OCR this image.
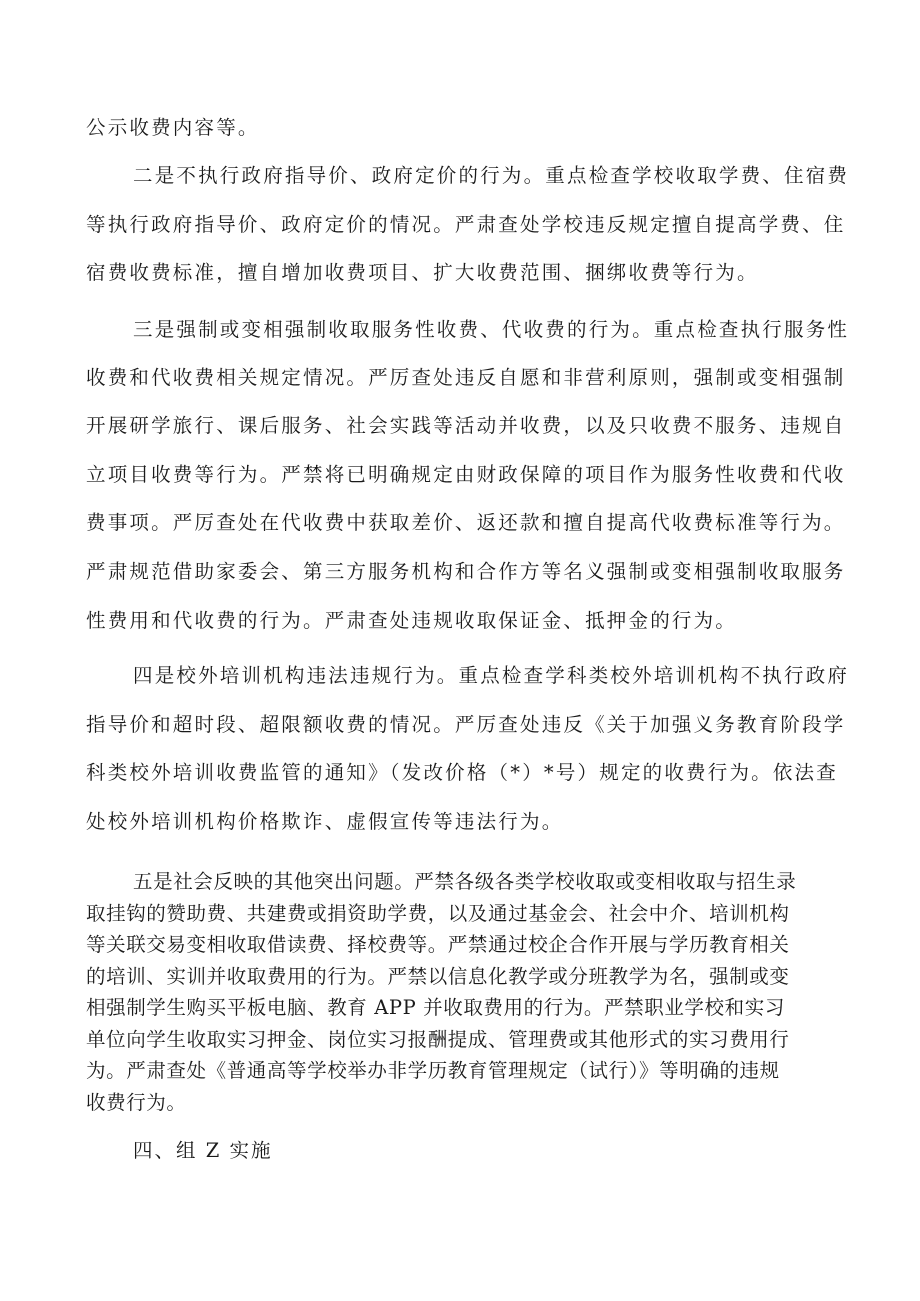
公示收费内容等。
二是不执行政府指导价、政府定价的行为。重点检查学校收取学费、住宿费
等执行政府指导价、政府定价的情况。严肃查处学校违反规定擅自提高学费、住
宿费收费标准，擅自增加收费项目、扩大收费范围、捆绑收费等行为。
三是强制或变相强制收取服务性收费、代收费的行为。重点检查执行服务性
收费和代收费相关规定情况。严厉查处违反自愿和非营利原则，强制或变相强制
开展研学旅行、课后服务、社会实践等活动并收费，以及只收费不服务、违规自
立项目收费等行为。严禁将已明确规定由财政保障的项目作为服务性收费和代收
费事项。严厉查处在代收费中获取差价、返还款和擅自提高代收费标准等行为。
严肃规范借助家委会、第三方服务机构和合作方等名义强制或变相强制收取服务
性费用和代收费的行为。严肃查处违规收取保证金、抵押金的行为。
四是校外培训机构违法违规行为。重点检查学科类校外培训机构不执行政府
指导价和超时段、超限额收费的情况。严厉查处违反《关于加强义务教育阶段学
科类校外培训收费监管的通知》（发改价格（*）*号）规定的收费行为。依法查
处校外培训机构价格欺诈、虚假宣传等违法行为。
五是社会反映的其他突出问题。严禁各级各类学校收取或变相收取与招生录
取挂钩的赞助费、共建费或捐资助学费，以及通过基金会、社会中介、培训机构
等关联交易变相收取借读费、择校费等。严禁通过校企合作开展与学历教育相关
的培训、实训并收取费用的行为。严禁以信息化教学或分班教学为名，强制或变
相强制学生购买平板电脑、教育 APP 并收取费用的行为。严禁职业学校和实习
单位向学生收取实习押金、岗位实习报酬提成、管理费或其他形式的实习费用行
为。严肃查处《普通高等学校举办非学历教育管理规定（试行）》等明确的违规
收费行为。
四、组 Z 实施
